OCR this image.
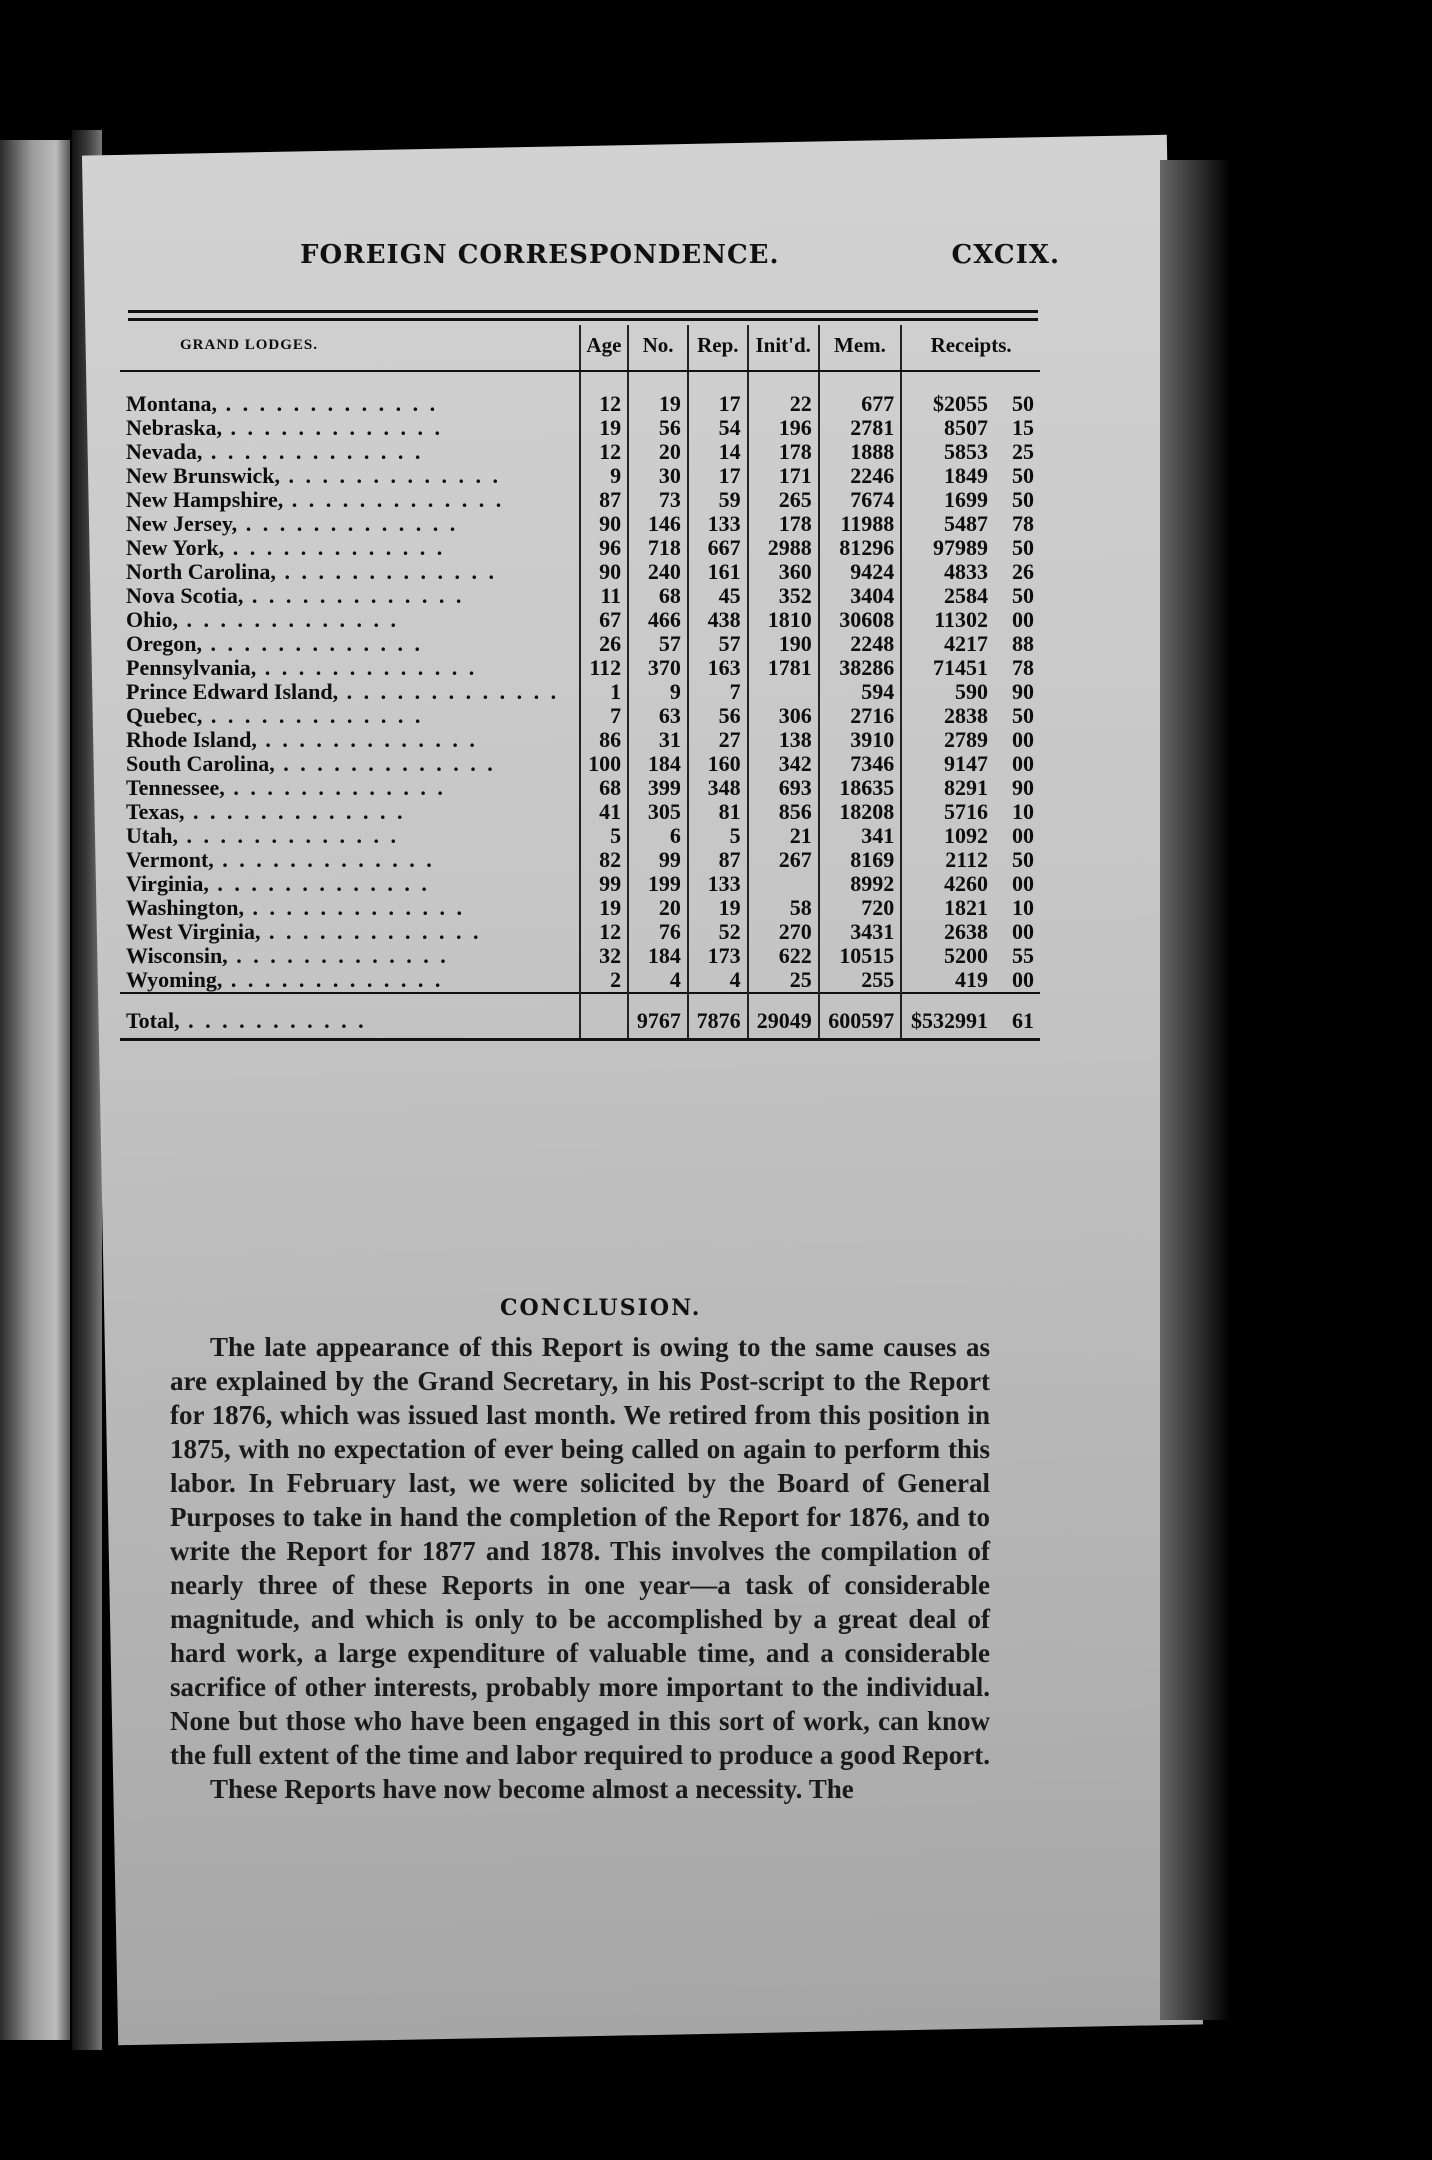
FOREIGN CORRESPONDENCE.	CXCIX.
GRAND LODGES.	Age	No.	Rep.	Init'd.	Mem.	Receipts.	
Montana, . . . . . . . . . . . . .	12	19	17	22	677	$2055	50
Nebraska, . . . . . . . . . . . . .	19	56	54	196	2781	8507	15
Nevada, . . . . . . . . . . . . .	12	20	14	178	1888	5853	25
New Brunswick, . . . . . . . . . . . . .	9	30	17	171	2246	1849	50
New Hampshire, . . . . . . . . . . . . .	87	73	59	265	7674	1699	50
New Jersey, . . . . . . . . . . . . .	90	146	133	178	11988	5487	78
New York, . . . . . . . . . . . . .	96	718	667	2988	81296	97989	50
North Carolina, . . . . . . . . . . . . .	90	240	161	360	9424	4833	26
Nova Scotia, . . . . . . . . . . . . .	11	68	45	352	3404	2584	50
Ohio, . . . . . . . . . . . . .	67	466	438	1810	30608	11302	00
Oregon, . . . . . . . . . . . . .	26	57	57	190	2248	4217	88
Pennsylvania, . . . . . . . . . . . . .	112	370	163	1781	38286	71451	78
Prince Edward Island, . . . . . . . . . . . . .	1	9	7		594	590	90
Quebec, . . . . . . . . . . . . .	7	63	56	306	2716	2838	50
Rhode Island, . . . . . . . . . . . . .	86	31	27	138	3910	2789	00
South Carolina, . . . . . . . . . . . . .	100	184	160	342	7346	9147	00
Tennessee, . . . . . . . . . . . . .	68	399	348	693	18635	8291	90
Texas, . . . . . . . . . . . . .	41	305	81	856	18208	5716	10
Utah, . . . . . . . . . . . . .	5	6	5	21	341	1092	00
Vermont, . . . . . . . . . . . . .	82	99	87	267	8169	2112	50
Virginia, . . . . . . . . . . . . .	99	199	133		8992	4260	00
Washington, . . . . . . . . . . . . .	19	20	19	58	720	1821	10
West Virginia, . . . . . . . . . . . . .	12	76	52	270	3431	2638	00
Wisconsin, . . . . . . . . . . . . .	32	184	173	622	10515	5200	55
Wyoming, . . . . . . . . . . . . .	2	4	4	25	255	419	00
Total, . . . . . . . . . . .		9767	7876	29049	600597	$532991	61

CONCLUSION.

The late appearance of this Report is owing to the same causes as are explained by the Grand Secretary, in his Post-script to the Report for 1876, which was issued last month. We retired from this position in 1875, with no expectation of ever being called on again to perform this labor. In February last, we were solicited by the Board of General Purposes to take in hand the completion of the Report for 1876, and to write the Report for 1877 and 1878. This involves the compilation of nearly three of these Reports in one year—a task of considerable magnitude, and which is only to be accomplished by a great deal of hard work, a large expenditure of valuable time, and a considerable sacrifice of other interests, probably more important to the individual. None but those who have been engaged in this sort of work, can know the full extent of the time and labor required to produce a good Report.

These Reports have now become almost a necessity. The
